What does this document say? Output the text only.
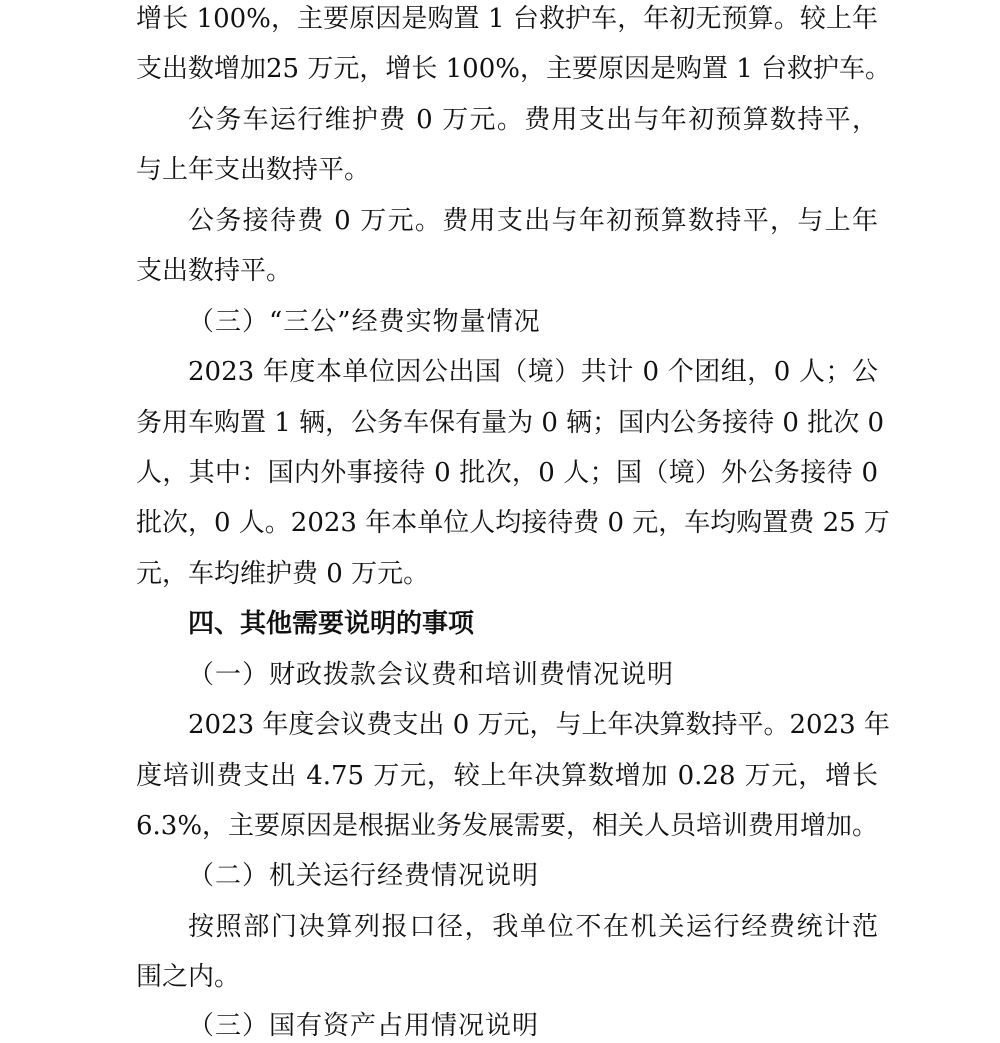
增长 100%，主要原因是购置 1 台救护车，年初无预算。较上年
支出数增加25 万元，增长 100%，主要原因是购置 1 台救护车。
公务车运行维护费 0 万元。费用支出与年初预算数持平，
与上年支出数持平。
公务接待费 0 万元。费用支出与年初预算数持平，与上年
支出数持平。
（三）“三公”经费实物量情况
2023 年度本单位因公出国（境）共计 0 个团组，0 人；公
务用车购置 1 辆，公务车保有量为 0 辆；国内公务接待 0 批次 0
人，其中：国内外事接待 0 批次，0 人；国（境）外公务接待 0
批次，0 人。2023 年本单位人均接待费 0 元，车均购置费 25 万
元，车均维护费 0 万元。
四、其他需要说明的事项
（一）财政拨款会议费和培训费情况说明
2023 年度会议费支出 0 万元，与上年决算数持平。2023 年
度培训费支出 4.75 万元，较上年决算数增加 0.28 万元，增长
6.3%，主要原因是根据业务发展需要，相关人员培训费用增加。
（二）机关运行经费情况说明
按照部门决算列报口径，我单位不在机关运行经费统计范
围之内。
（三）国有资产占用情况说明
